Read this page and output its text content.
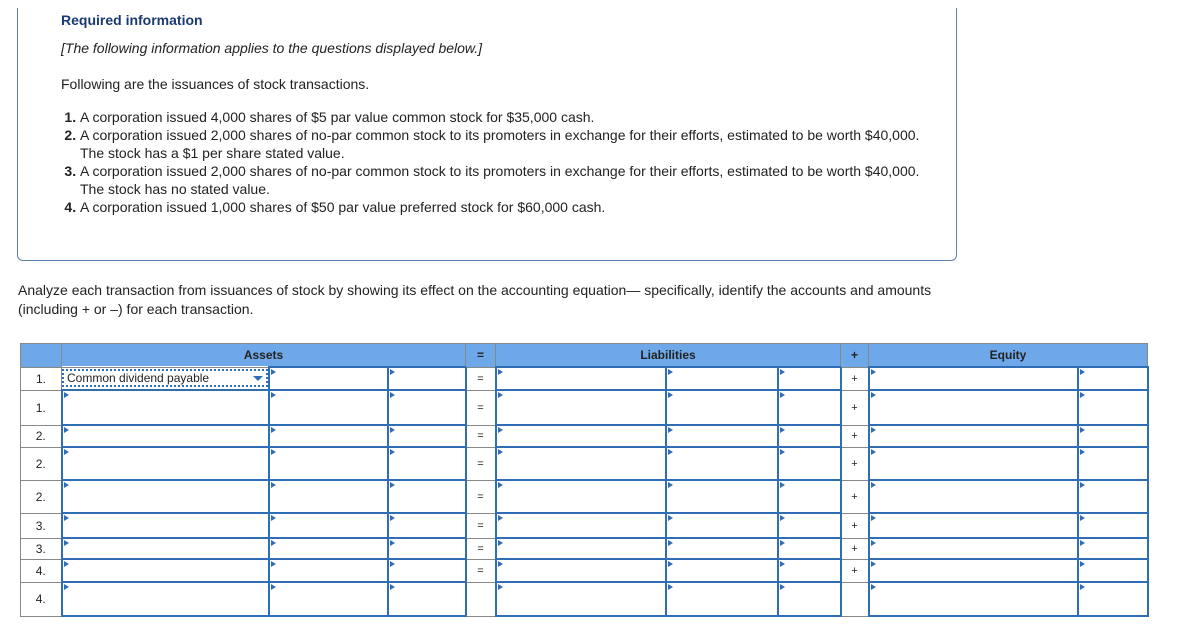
Required information
[The following information applies to the questions displayed below.]
Following are the issuances of stock transactions.
1. A corporation issued 4,000 shares of $5 par value common stock for $35,000 cash.
2. A corporation issued 2,000 shares of no-par common stock to its promoters in exchange for their efforts, estimated to be worth $40,000. The stock has a $1 per share stated value.
3. A corporation issued 2,000 shares of no-par common stock to its promoters in exchange for their efforts, estimated to be worth $40,000. The stock has no stated value.
4. A corporation issued 1,000 shares of $50 par value preferred stock for $60,000 cash.
Analyze each transaction from issuances of stock by showing its effect on the accounting equation— specifically, identify the accounts and amounts (including + or –) for each transaction.
	Assets			=	Liabilities			+	Equity	
1.	Common dividend payable			=				+		
1.				=				+		
2.				=				+		
2.				=				+		
2.				=				+		
3.				=				+		
3.				=				+		
4.				=				+		
4.										
